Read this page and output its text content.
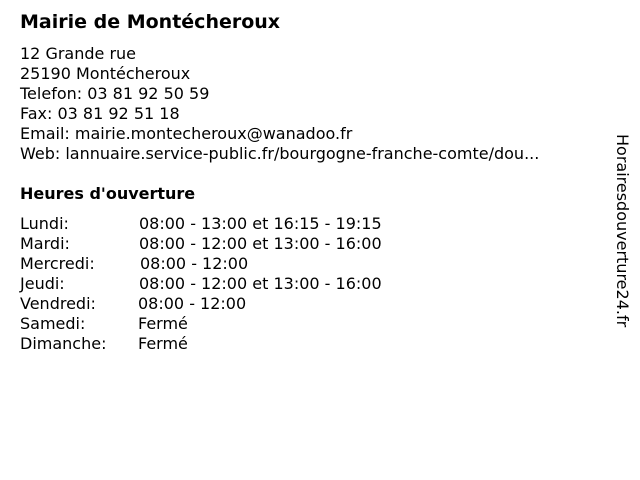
Mairie de Montécheroux
12 Grande rue
25190 Montécheroux
Telefon: 03 81 92 50 59
Fax: 03 81 92 51 18
Email: mairie.montecheroux@wanadoo.fr
Web: lannuaire.service-public.fr/bourgogne-franche-comte/dou...
Heures d'ouverture
Lundi:	08:00 - 13:00 et 16:15 - 19:15
Mardi:	08:00 - 12:00 et 13:00 - 16:00
Mercredi:	08:00 - 12:00
Jeudi:	08:00 - 12:00 et 13:00 - 16:00
Vendredi:	08:00 - 12:00
Samedi:	Fermé
Dimanche: Fermé
Horairesdouverture24.fr
